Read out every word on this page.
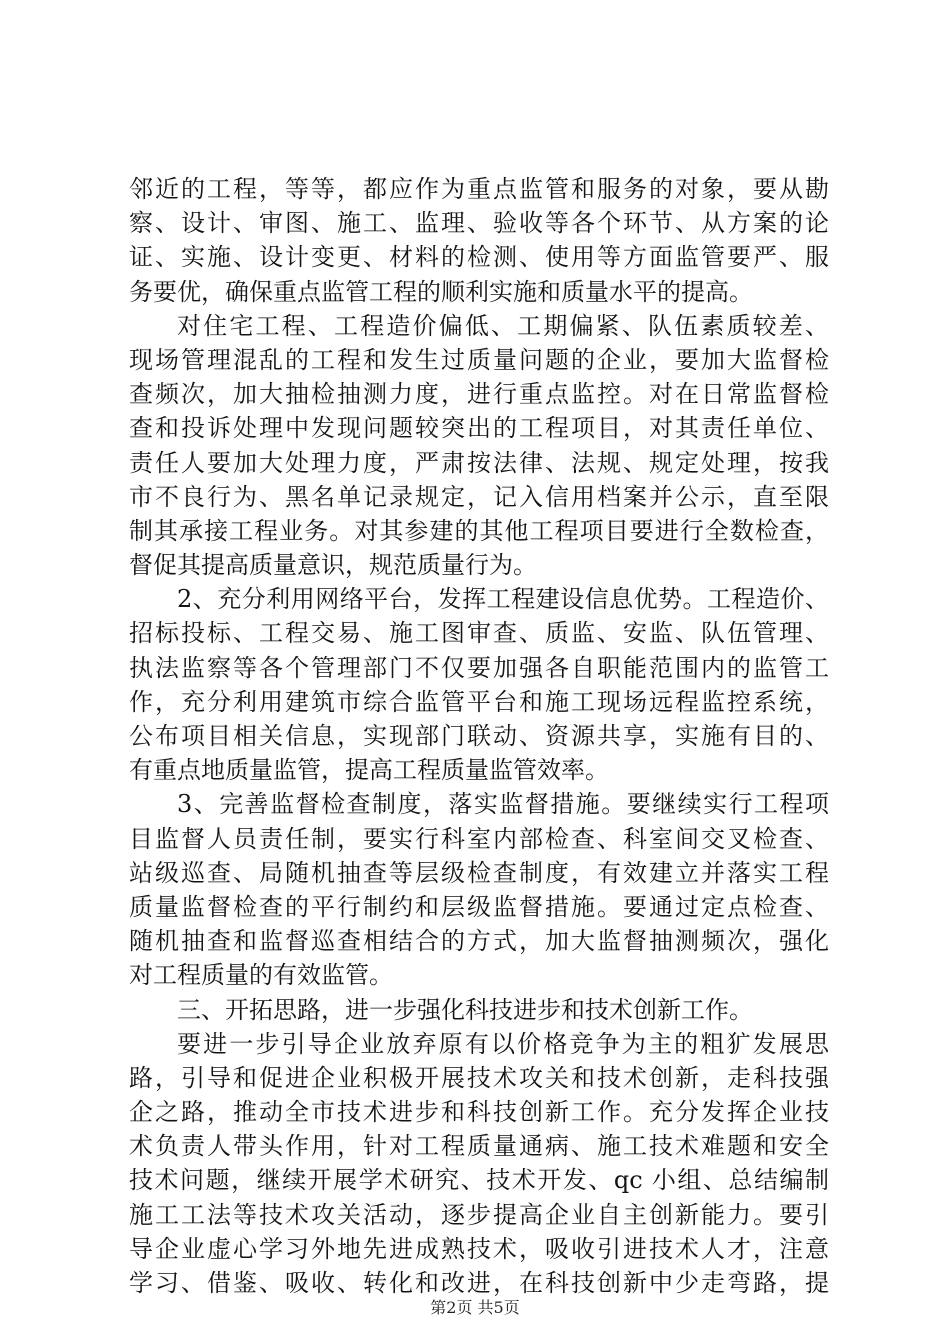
邻近的工程，等等，都应作为重点监管和服务的对象，要从勘
察、设计、审图、施工、监理、验收等各个环节、从方案的论
证、实施、设计变更、材料的检测、使用等方面监管要严、服
务要优，确保重点监管工程的顺利实施和质量水平的提高。
对住宅工程、工程造价偏低、工期偏紧、队伍素质较差、
现场管理混乱的工程和发生过质量问题的企业，要加大监督检
查频次，加大抽检抽测力度，进行重点监控。对在日常监督检
查和投诉处理中发现问题较突出的工程项目，对其责任单位、
责任人要加大处理力度，严肃按法律、法规、规定处理，按我
市不良行为、黑名单记录规定，记入信用档案并公示，直至限
制其承接工程业务。对其参建的其他工程项目要进行全数检查，
督促其提高质量意识，规范质量行为。
2、充分利用网络平台，发挥工程建设信息优势。工程造价、
招标投标、工程交易、施工图审查、质监、安监、队伍管理、
执法监察等各个管理部门不仅要加强各自职能范围内的监管工
作，充分利用建筑市综合监管平台和施工现场远程监控系统，
公布项目相关信息，实现部门联动、资源共享，实施有目的、
有重点地质量监管，提高工程质量监管效率。
3、完善监督检查制度，落实监督措施。要继续实行工程项
目监督人员责任制，要实行科室内部检查、科室间交叉检查、
站级巡查、局随机抽查等层级检查制度，有效建立并落实工程
质量监督检查的平行制约和层级监督措施。要通过定点检查、
随机抽查和监督巡查相结合的方式，加大监督抽测频次，强化
对工程质量的有效监管。
三、开拓思路，进一步强化科技进步和技术创新工作。
要进一步引导企业放弃原有以价格竞争为主的粗犷发展思
路，引导和促进企业积极开展技术攻关和技术创新，走科技强
企之路，推动全市技术进步和科技创新工作。充分发挥企业技
术负责人带头作用，针对工程质量通病、施工技术难题和安全
技术问题，继续开展学术研究、技术开发、qc 小组、总结编制
施工工法等技术攻关活动，逐步提高企业自主创新能力。要引
导企业虚心学习外地先进成熟技术，吸收引进技术人才，注意
学习、借鉴、吸收、转化和改进，在科技创新中少走弯路，提
第2页 共5页
